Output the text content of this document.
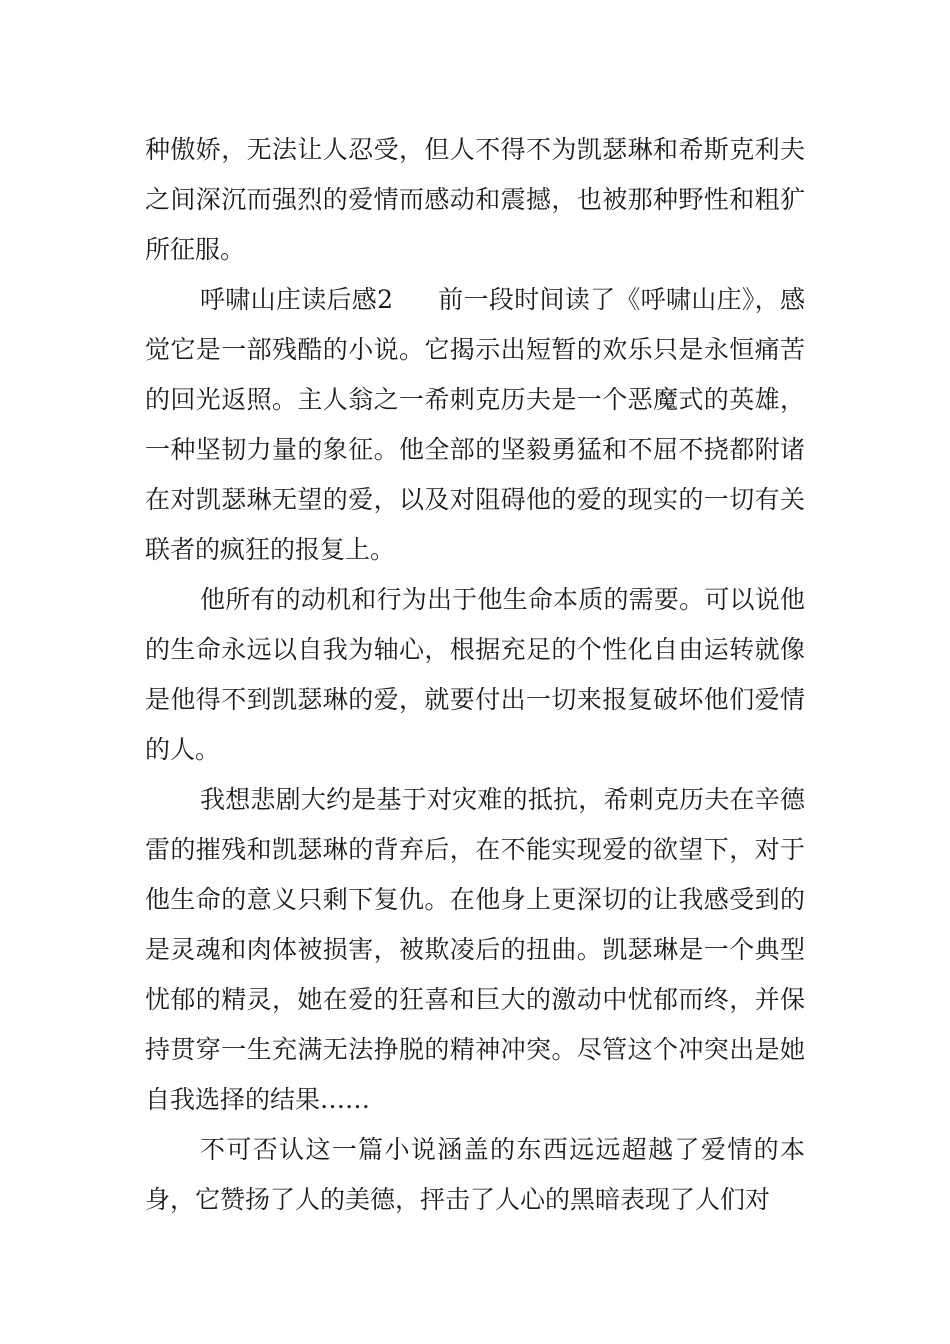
种傲娇，无法让人忍受，但人不得不为凯瑟琳和希斯克利夫之间深沉而强烈的爱情而感动和震撼，也被那种野性和粗犷所征服。

呼啸山庄读后感2 前一段时间读了《呼啸山庄》，感觉它是一部残酷的小说。它揭示出短暂的欢乐只是永恒痛苦的回光返照。主人翁之一希刺克历夫是一个恶魔式的英雄，一种坚韧力量的象征。他全部的坚毅勇猛和不屈不挠都附诸在对凯瑟琳无望的爱，以及对阻碍他的爱的现实的一切有关联者的疯狂的报复上。

他所有的动机和行为出于他生命本质的需要。可以说他的生命永远以自我为轴心，根据充足的个性化自由运转就像是他得不到凯瑟琳的爱，就要付出一切来报复破坏他们爱情的人。

我想悲剧大约是基于对灾难的抵抗，希刺克历夫在辛德雷的摧残和凯瑟琳的背弃后，在不能实现爱的欲望下，对于他生命的意义只剩下复仇。在他身上更深切的让我感受到的是灵魂和肉体被损害，被欺凌后的扭曲。凯瑟琳是一个典型忧郁的精灵，她在爱的狂喜和巨大的激动中忧郁而终，并保持贯穿一生充满无法挣脱的精神冲突。尽管这个冲突出是她自我选择的结果……

不可否认这一篇小说涵盖的东西远远超越了爱情的本身，它赞扬了人的美德，抨击了人心的黑暗表现了人们对
